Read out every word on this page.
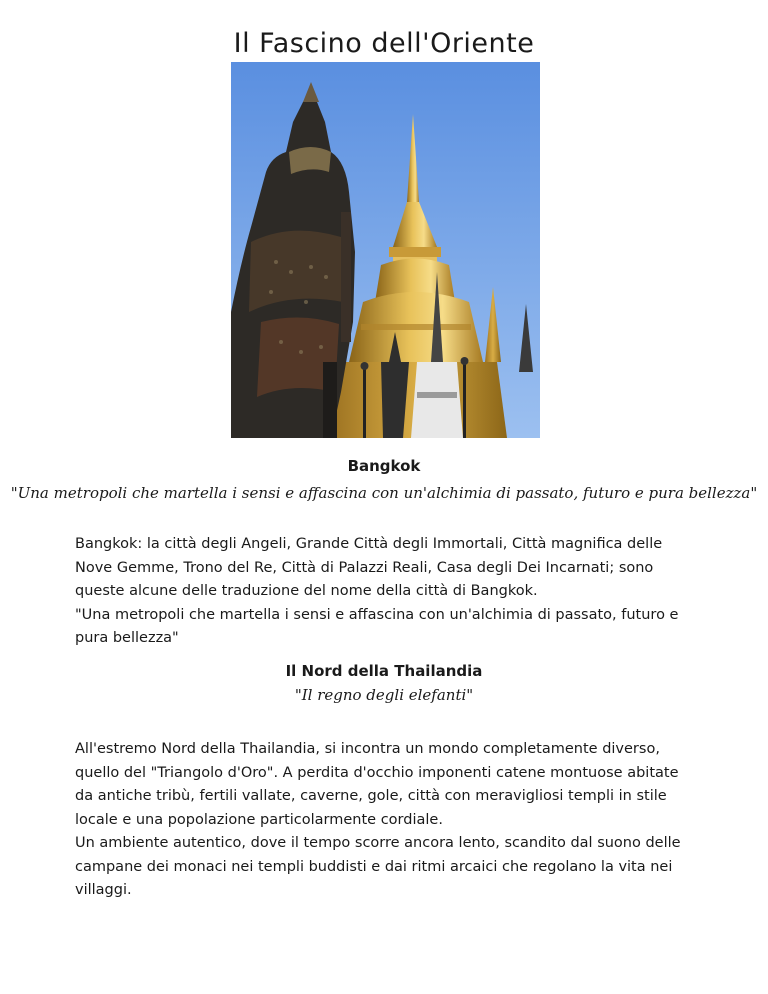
Il Fascino dell'Oriente
Bangkok
"Una metropoli che martella i sensi e affascina con un'alchimia di passato, futuro e pura bellezza"

Bangkok: la città degli Angeli, Grande Città degli Immortali, Città magnifica delle Nove Gemme, Trono del Re, Città di Palazzi Reali, Casa degli Dei Incarnati; sono queste alcune delle traduzione del nome della città di Bangkok.

"Una metropoli che martella i sensi e affascina con un'alchimia di passato, futuro e pura bellezza"

Il Nord della Thailandia
"Il regno degli elefanti"

All'estremo Nord della Thailandia, si incontra un mondo completamente diverso, quello del "Triangolo d'Oro". A perdita d'occhio imponenti catene montuose abitate da antiche tribù, fertili vallate, caverne, gole, città con meravigliosi templi in stile locale e una popolazione particolarmente cordiale.

Un ambiente autentico, dove il tempo scorre ancora lento, scandito dal suono delle campane dei monaci nei templi buddisti e dai ritmi arcaici che regolano la vita nei villaggi.
